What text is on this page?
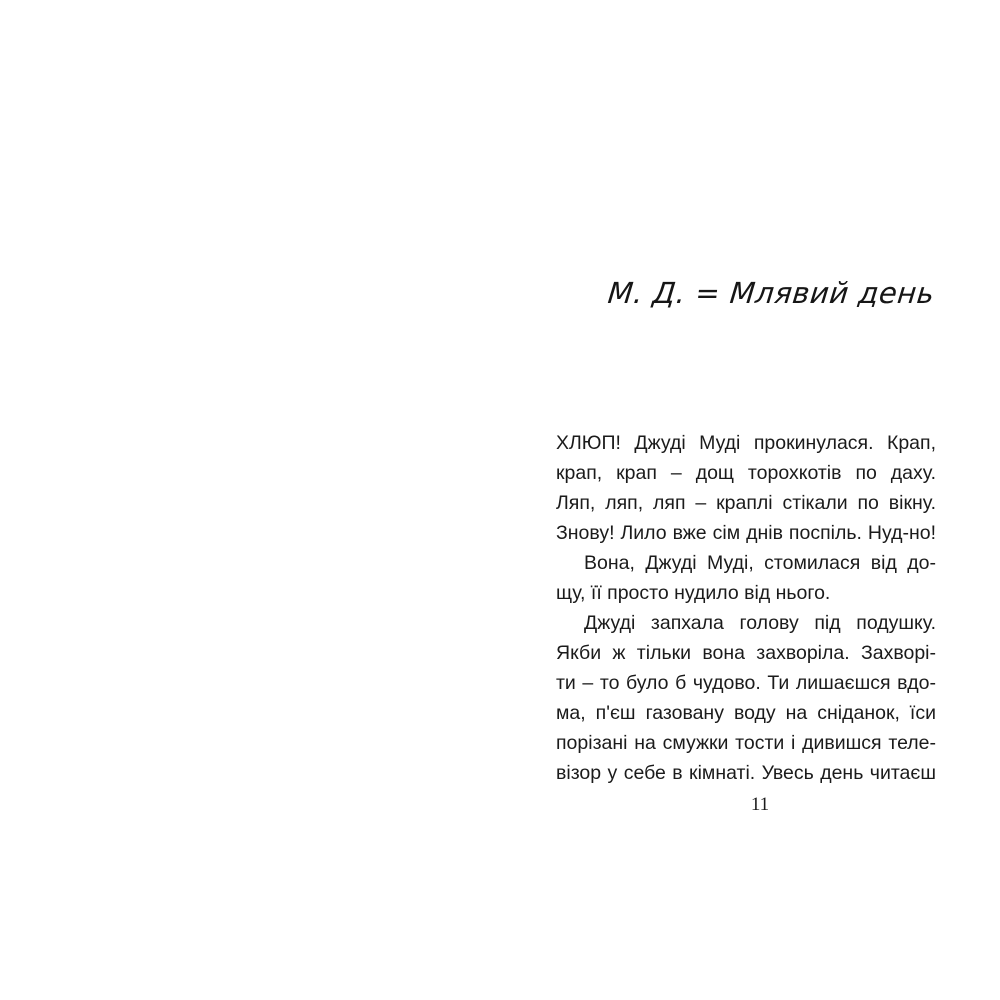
М. Д. = Млявий день
ХЛЮП! Джуді Муді прокинулася. Крап,
крап, крап – дощ торохкотів по даху.
Ляп, ляп, ляп – краплі стікали по вікну.
Знову! Лило вже сім днів поспіль. Нуд-но!
Вона, Джуді Муді, стомилася від до-
щу, її просто нудило від нього.
Джуді запхала голову під подушку.
Якби ж тільки вона захворіла. Захворі-
ти – то було б чудово. Ти лишаєшся вдо-
ма, п'єш газовану воду на сніданок, їси
порізані на смужки тости і дивишся теле-
візор у себе в кімнаті. Увесь день читаєш
11
